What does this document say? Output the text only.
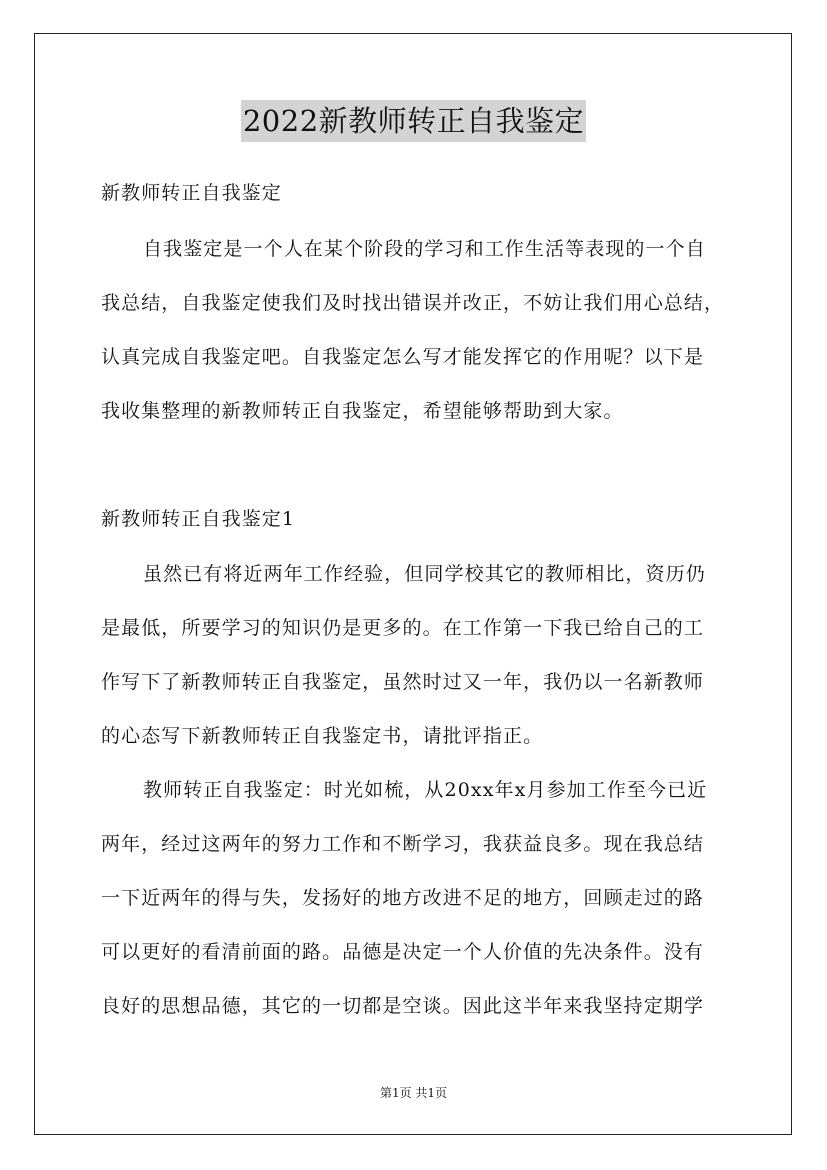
2022新教师转正自我鉴定
新教师转正自我鉴定
自我鉴定是一个人在某个阶段的学习和工作生活等表现的一个自
我总结，自我鉴定使我们及时找出错误并改正，不妨让我们用心总结，
认真完成自我鉴定吧。自我鉴定怎么写才能发挥它的作用呢？以下是
我收集整理的新教师转正自我鉴定，希望能够帮助到大家。
新教师转正自我鉴定1
虽然已有将近两年工作经验，但同学校其它的教师相比，资历仍
是最低，所要学习的知识仍是更多的。在工作第一下我已给自己的工
作写下了新教师转正自我鉴定，虽然时过又一年，我仍以一名新教师
的心态写下新教师转正自我鉴定书，请批评指正。
教师转正自我鉴定：时光如梳，从20xx年x月参加工作至今已近
两年，经过这两年的努力工作和不断学习，我获益良多。现在我总结
一下近两年的得与失，发扬好的地方改进不足的地方，回顾走过的路
可以更好的看清前面的路。品德是决定一个人价值的先决条件。没有
良好的思想品德，其它的一切都是空谈。因此这半年来我坚持定期学
第1页 共1页
